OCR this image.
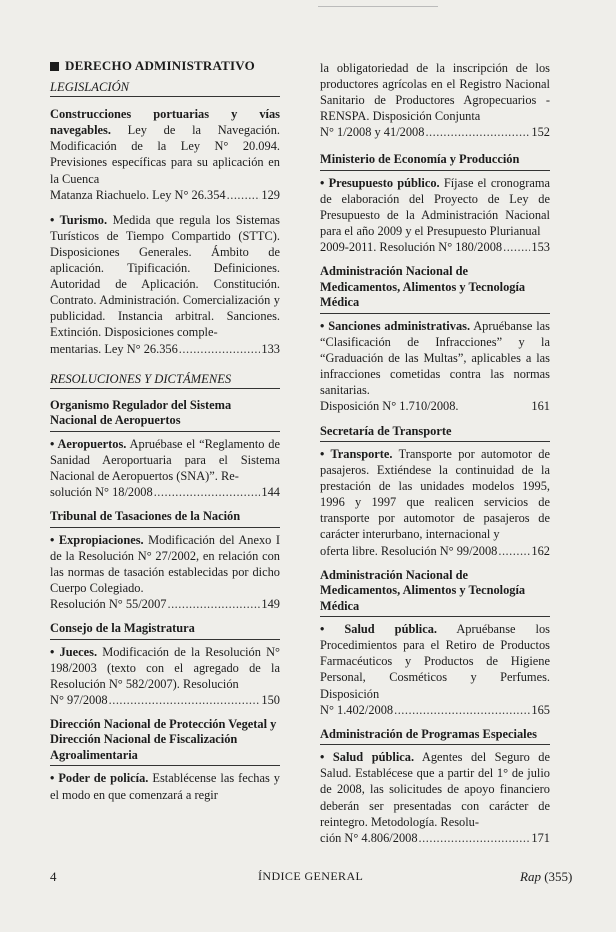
DERECHO ADMINISTRATIVO
LEGISLACIÓN

Construcciones portuarias y vías navegables. Ley de la Navegación. Modificación de la Ley N° 20.094. Previsiones específicas para su aplicación en la Cuenca
Matanza Riachuelo. Ley N° 26.354 .....	129

• Turismo. Medida que regula los Sistemas Turísticos de Tiempo Compartido (STTC). Disposiciones Generales. Ámbito de aplicación. Tipificación. Definiciones. Autoridad de Aplicación. Constitución. Contrato. Administración. Comercialización y publicidad. Instancia arbitral. Sanciones. Extinción. Disposiciones comple-
mentarias. Ley N° 26.356 .....	133

RESOLUCIONES Y DICTÁMENES
Organismo Regulador del Sistema Nacional de Aeropuertos

• Aeropuertos. Apruébase el “Reglamento de Sanidad Aeroportuaria para el Sistema Nacional de Aeropuertos (SNA)”. Re-
solución N° 18/2008 .....	144

Tribunal de Tasaciones de la Nación

• Expropiaciones. Modificación del Anexo I de la Resolución N° 27/2002, en relación con las normas de tasación establecidas por dicho Cuerpo Colegiado.
Resolución N° 55/2007 .....	149

Consejo de la Magistratura

• Jueces. Modificación de la Resolución N° 198/2003 (texto con el agregado de la Resolución N° 582/2007). Resolución
N° 97/2008 .....	150

Dirección Nacional de Protección Vegetal y Dirección Nacional de Fiscalización Agroalimentaria

• Poder de policía. Establécense las fechas y el modo en que comenzará a regir

la obligatoriedad de la inscripción de los productores agrícolas en el Registro Nacional Sanitario de Productores Agropecuarios - RENSPA. Disposición Conjunta
N° 1/2008 y 41/2008 .....	152

Ministerio de Economía y Producción

• Presupuesto público. Fíjase el cronograma de elaboración del Proyecto de Ley de Presupuesto de la Administración Nacional para el año 2009 y el Presupuesto Plurianual
2009-2011. Resolución N° 180/2008 ..... 153

Administración Nacional de Medicamentos, Alimentos y Tecnología Médica

• Sanciones administrativas. Apruébanse las “Clasificación de Infracciones” y la “Graduación de las Multas”, aplicables a las infracciones cometidas contra las normas sanitarias.
Disposición N° 1.710/2008.	161

Secretaría de Transporte

• Transporte. Transporte por automotor de pasajeros. Extiéndese la continuidad de la prestación de las unidades modelos 1995, 1996 y 1997 que realicen servicios de transporte por automotor de pasajeros de carácter interurbano, internacional y
oferta libre. Resolución N° 99/2008 .....	162

Administración Nacional de Medicamentos, Alimentos y Tecnología Médica

• Salud pública. Apruébanse los Procedimientos para el Retiro de Productos Farmacéuticos y Productos de Higiene Personal, Cosméticos y Perfumes. Disposición
N° 1.402/2008 .....	165

Administración de Programas Especiales

• Salud pública. Agentes del Seguro de Salud. Establécese que a partir del 1° de julio de 2008, las solicitudes de apoyo financiero deberán ser presentadas con carácter de reintegro. Metodología. Resolu-
ción N° 4.806/2008 .....	171

4	ÍNDICE GENERAL	Rap (355)
